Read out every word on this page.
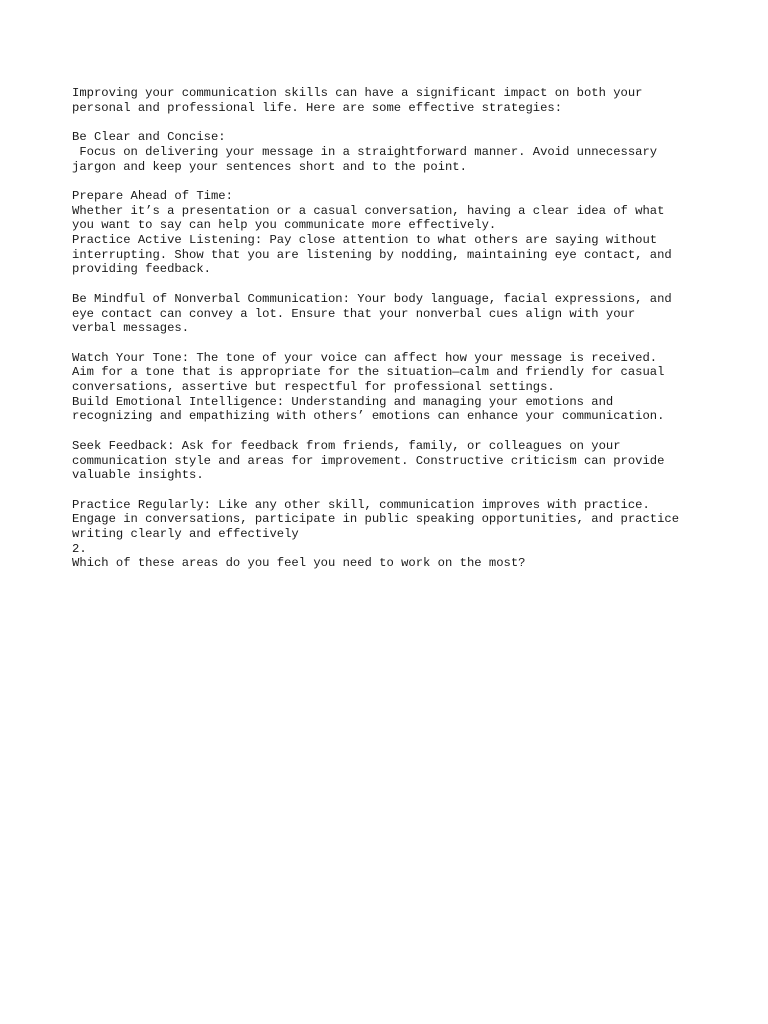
Improving your communication skills can have a significant impact on both your
personal and professional life. Here are some effective strategies:
Be Clear and Concise:
Focus on delivering your message in a straightforward manner. Avoid unnecessary
jargon and keep your sentences short and to the point.
Prepare Ahead of Time:
Whether it’s a presentation or a casual conversation, having a clear idea of what
you want to say can help you communicate more effectively.
Practice Active Listening: Pay close attention to what others are saying without
interrupting. Show that you are listening by nodding, maintaining eye contact, and
providing feedback.
Be Mindful of Nonverbal Communication: Your body language, facial expressions, and
eye contact can convey a lot. Ensure that your nonverbal cues align with your
verbal messages.
Watch Your Tone: The tone of your voice can affect how your message is received.
Aim for a tone that is appropriate for the situation—calm and friendly for casual
conversations, assertive but respectful for professional settings.
Build Emotional Intelligence: Understanding and managing your emotions and
recognizing and empathizing with others’ emotions can enhance your communication.
Seek Feedback: Ask for feedback from friends, family, or colleagues on your
communication style and areas for improvement. Constructive criticism can provide
valuable insights.
Practice Regularly: Like any other skill, communication improves with practice.
Engage in conversations, participate in public speaking opportunities, and practice
writing clearly and effectively
2.
Which of these areas do you feel you need to work on the most?
